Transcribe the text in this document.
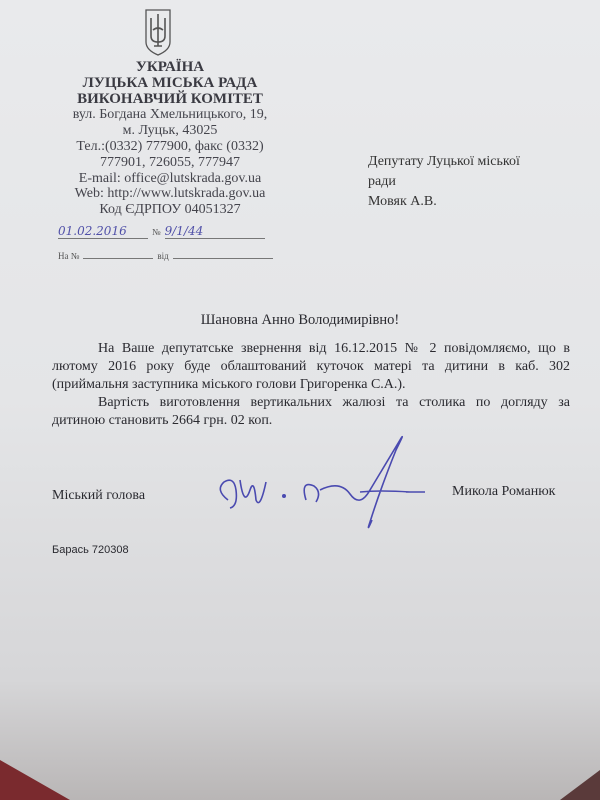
УКРАЇНА
ЛУЦЬКА МІСЬКА РАДА
ВИКОНАВЧИЙ КОМІТЕТ
вул. Богдана Хмельницького, 19,
м. Луцьк, 43025
Тел.:(0332) 777900, факс (0332)
777901, 726055, 777947
E-mail: office@lutskrada.gov.ua
Web: http://www.lutskrada.gov.ua
Код ЄДРПОУ 04051327
01.02.2016	№ 9/1/44
На №	від
Депутату Луцької міської
ради
Мовяк А.В.
Шановна Анно Володимирівно!

На Ваше депутатське звернення від 16.12.2015 № 2 повідомляємо, що в лютому 2016 року буде облаштований куточок матері та дитини в каб. 302 (приймальня заступника міського голови Григоренка С.А.).

Вартість виготовлення вертикальних жалюзі та столика по догляду за дитиною становить 2664 грн. 02 коп.

Міський голова	Микола Романюк
Барась 720308
